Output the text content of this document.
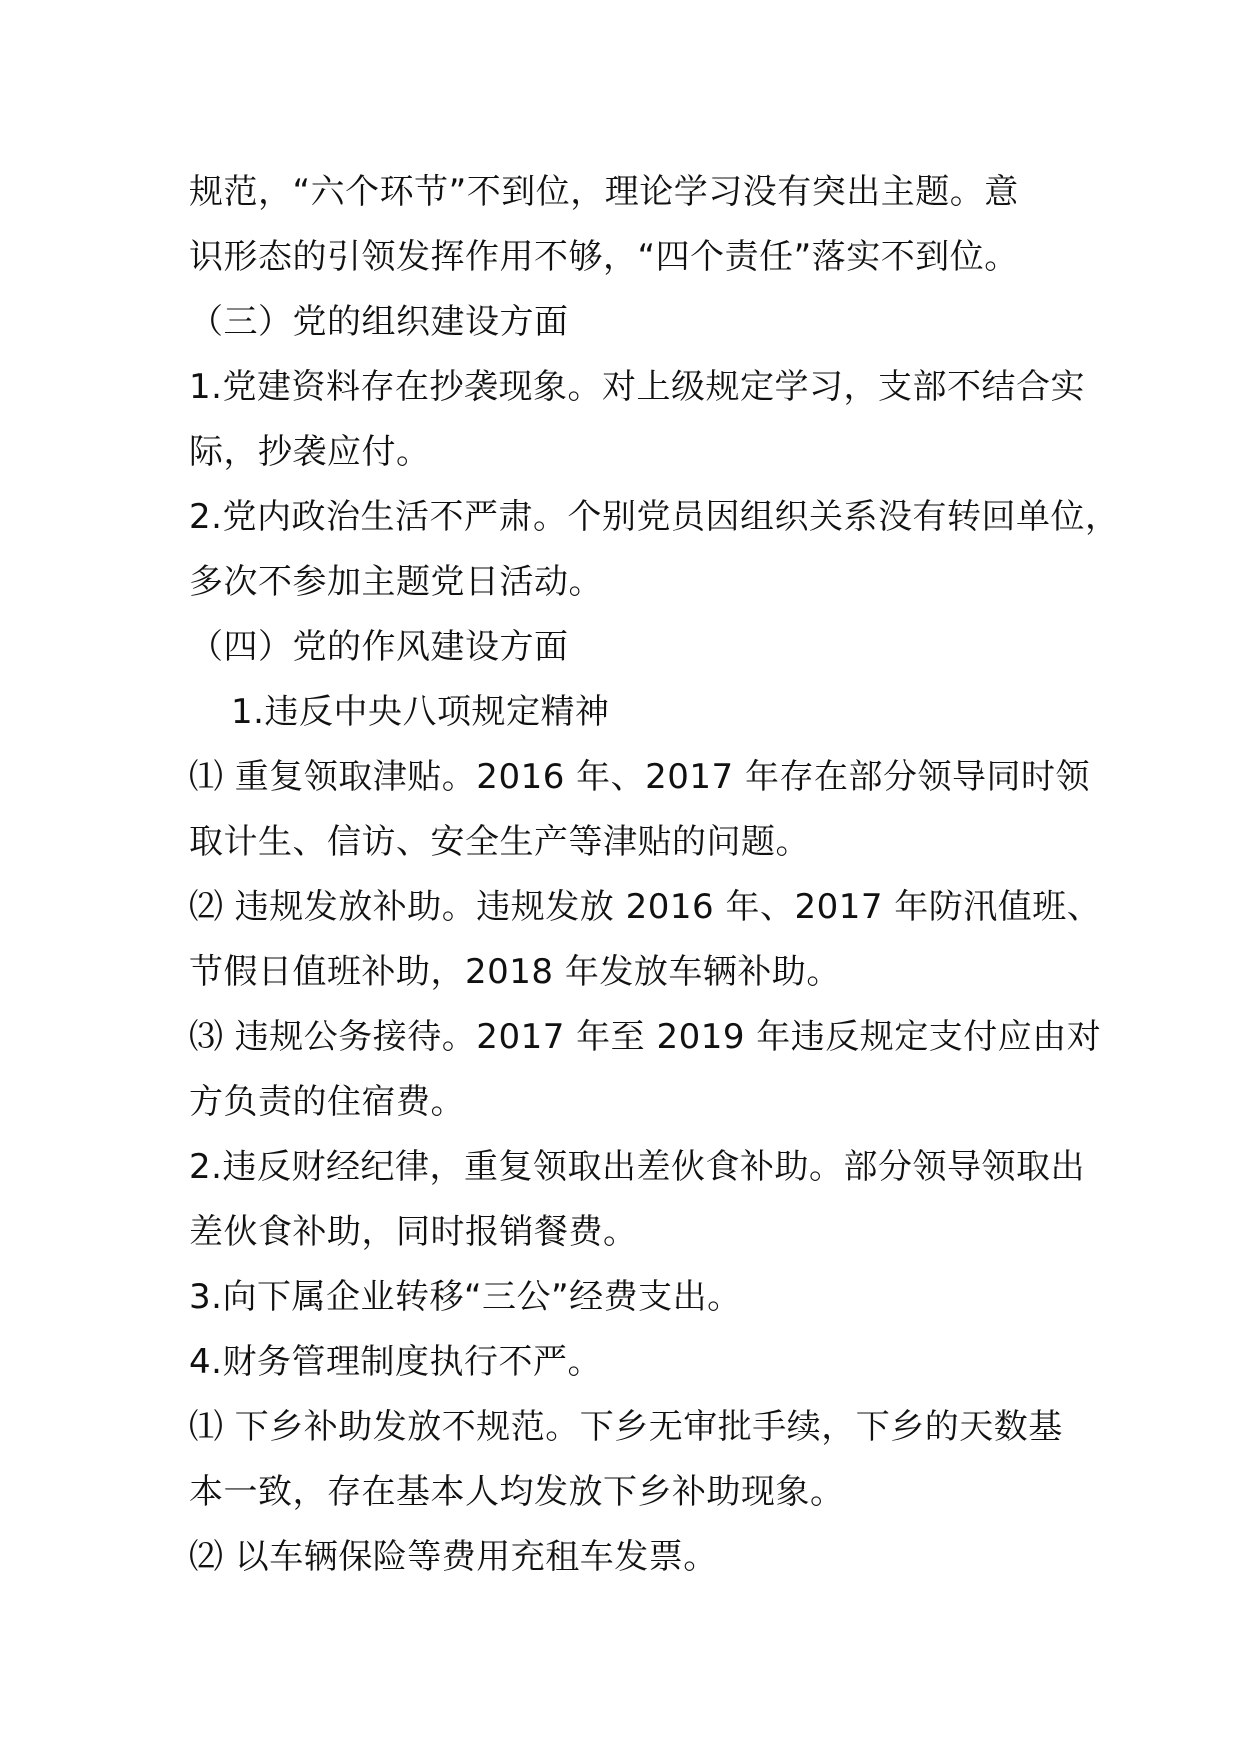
规范，“六个环节”不到位，理论学习没有突出主题。意
识形态的引领发挥作用不够，“四个责任”落实不到位。
（三）党的组织建设方面
1.党建资料存在抄袭现象。对上级规定学习，支部不结合实
际，抄袭应付。
2.党内政治生活不严肃。个别党员因组织关系没有转回单位，
多次不参加主题党日活动。
（四）党的作风建设方面
1.违反中央八项规定精神
⑴ 重复领取津贴。2016 年、2017 年存在部分领导同时领
取计生、信访、安全生产等津贴的问题。
⑵ 违规发放补助。违规发放 2016 年、2017 年防汛值班、
节假日值班补助，2018 年发放车辆补助。
⑶ 违规公务接待。2017 年至 2019 年违反规定支付应由对
方负责的住宿费。
2.违反财经纪律，重复领取出差伙食补助。部分领导领取出
差伙食补助，同时报销餐费。
3.向下属企业转移“三公”经费支出。
4.财务管理制度执行不严。
⑴ 下乡补助发放不规范。下乡无审批手续，下乡的天数基
本一致，存在基本人均发放下乡补助现象。
⑵ 以车辆保险等费用充租车发票。
